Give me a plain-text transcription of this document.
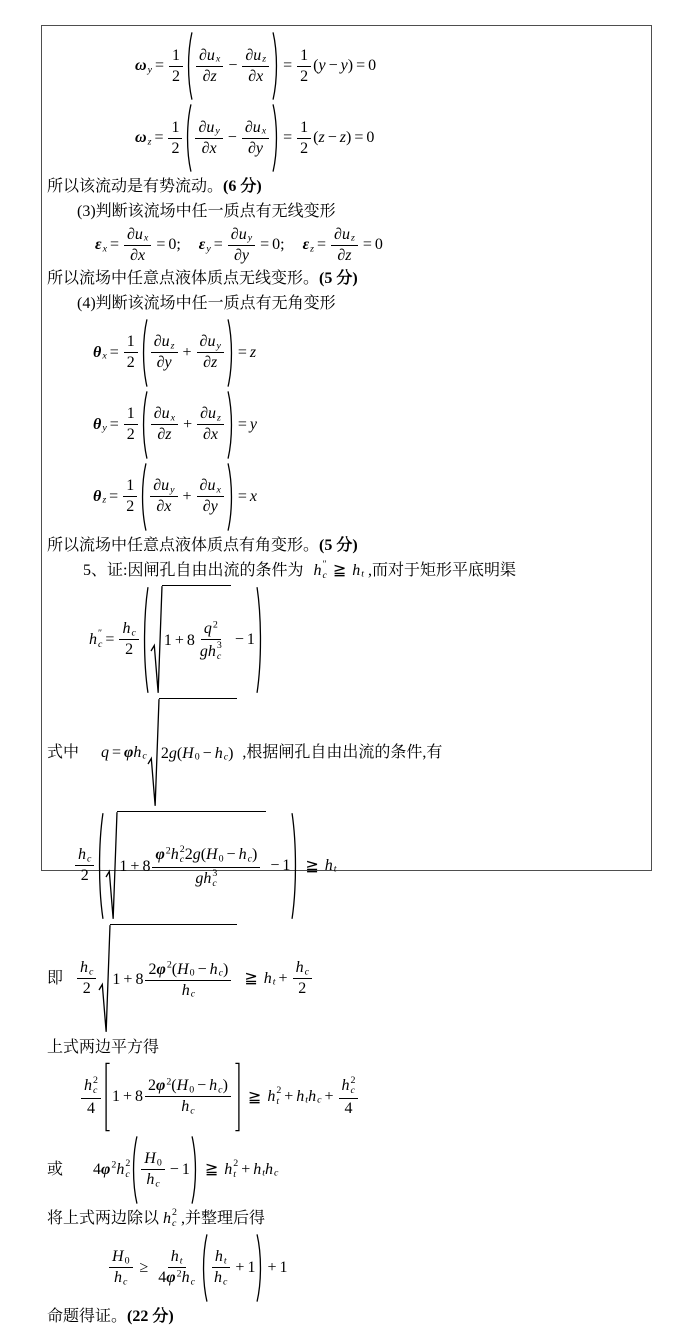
ω $y = \frac{1}{2}$ ∂ u x
∂ z
− $\frac{\text{∂ u z}}{\partial x} = \frac{1}{2}$ ( y − y ) = 0
ω $z = \frac{1}{2}$ ∂ u y
∂ x
− $\frac{\text{∂ u x}}{\partial y} = \frac{1}{2}$ ( z − z ) = 0
所以该流动是有势流动。 (6 分)
(3)判断该流场中任一质点有无线变形
ε $x = \frac{\text{∂ u x}}{\partial x} = 0$ ; ε $y = \frac{\text{∂ u y}}{\partial y} = 0$ ; ε $z = \frac{\text{∂ u z}}{\partial z} = 0$
所以流场中任意点液体质点无线变形。 (5 分)
(4)判断该流场中任一质点有无角变形
θ $x = \frac{1}{2}$ ∂ u z
∂ y
+ $\frac{\text{∂ u y}}{\partial z} = z$
θ $y = \frac{1}{2}$ ∂ u x
∂ z
+ $\frac{\text{∂ u z}}{\partial x} = y$
θ $z = \frac{1}{2}$ ∂ u y
∂ x
+ $\frac{\text{∂ u x}}{\partial y} = x$
所以流场中任意点液体质点有角变形。 (5 分)
5、证:因闸孔自由出流的条件为 h ″
c ≧ h t ,而对于矩形平底明渠
h ″
$c = \frac{\text{h c}}{2} 1 + 8$
q 2
g h 3
c
− 1
式中 q = φ h c 2 g ( H 0 − h c ) ,根据闸孔自由出流的条件,有
h c
2
1 + 8
φ 2 h 2
c 2 g ( H 0 − h c )
g h 3
c
− 1 ≧ h t
即
h c
2
1 + 8
2 φ 2 ( H 0 − h c )
h c
≧ h $t + \frac{\text{h c}}{2}$
上式两边平方得
h 2
c
4
1 + 8
2 φ 2 ( H 0 − h c )
h c
≧ h 2
t + h t h c + h 2
c
4
或 4 φ 2 h 2
c
H 0
h c
− 1 ≧ h 2
t + h t h c
将上式两边除以 h 2
c ,并整理后得
H 0
h c
≥
h t
4 φ 2 h c
h t
h c
+ 1 + 1
命题得证。 (22 分)
